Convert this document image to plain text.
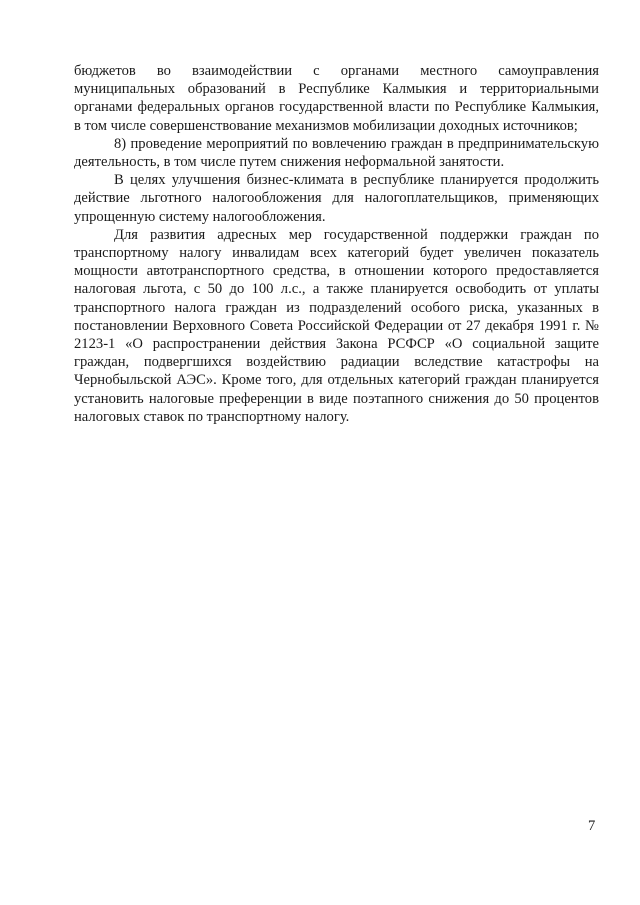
бюджетов во взаимодействии с органами местного самоуправления муниципальных образований в Республике Калмыкия и территориальными органами федеральных органов государственной власти по Республике Калмыкия, в том числе совершенствование механизмов мобилизации доходных источников;

8) проведение мероприятий по вовлечению граждан в предпринимательскую деятельность, в том числе путем снижения неформальной занятости.

В целях улучшения бизнес-климата в республике планируется продолжить действие льготного налогообложения для налогоплательщиков, применяющих упрощенную систему налогообложения.

Для развития адресных мер государственной поддержки граждан по транспортному налогу инвалидам всех категорий будет увеличен показатель мощности автотранспортного средства, в отношении которого предоставляется налоговая льгота, с 50 до 100 л.с., а также планируется освободить от уплаты транспортного налога граждан из подразделений особого риска, указанных в постановлении Верховного Совета Российской Федерации от 27 декабря 1991 г. № 2123-1 «О распространении действия Закона РСФСР «О социальной защите граждан, подвергшихся воздействию радиации вследствие катастрофы на Чернобыльской АЭС». Кроме того, для отдельных категорий граждан планируется установить налоговые преференции в виде поэтапного снижения до 50 процентов налоговых ставок по транспортному налогу.

7
